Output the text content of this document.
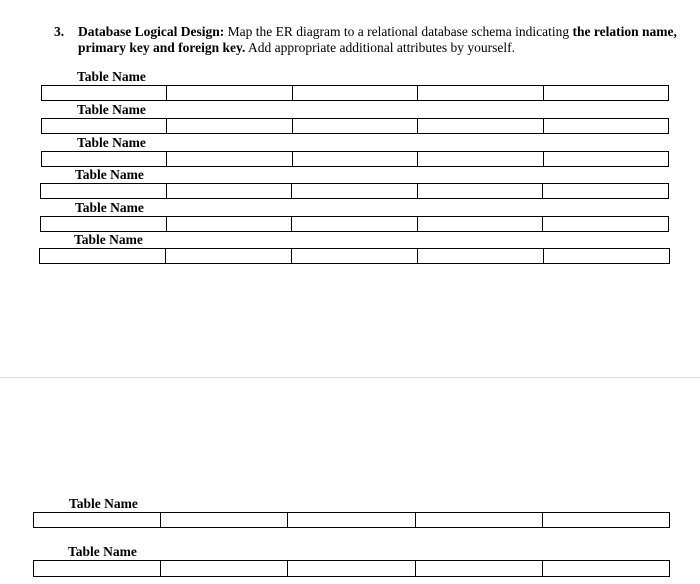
3. Database Logical Design: Map the ER diagram to a relational database schema indicating the relation name, primary key and foreign key. Add appropriate additional attributes by yourself.
Table Name
Table Name
Table Name
Table Name
Table Name
Table Name
Table Name
Table Name
